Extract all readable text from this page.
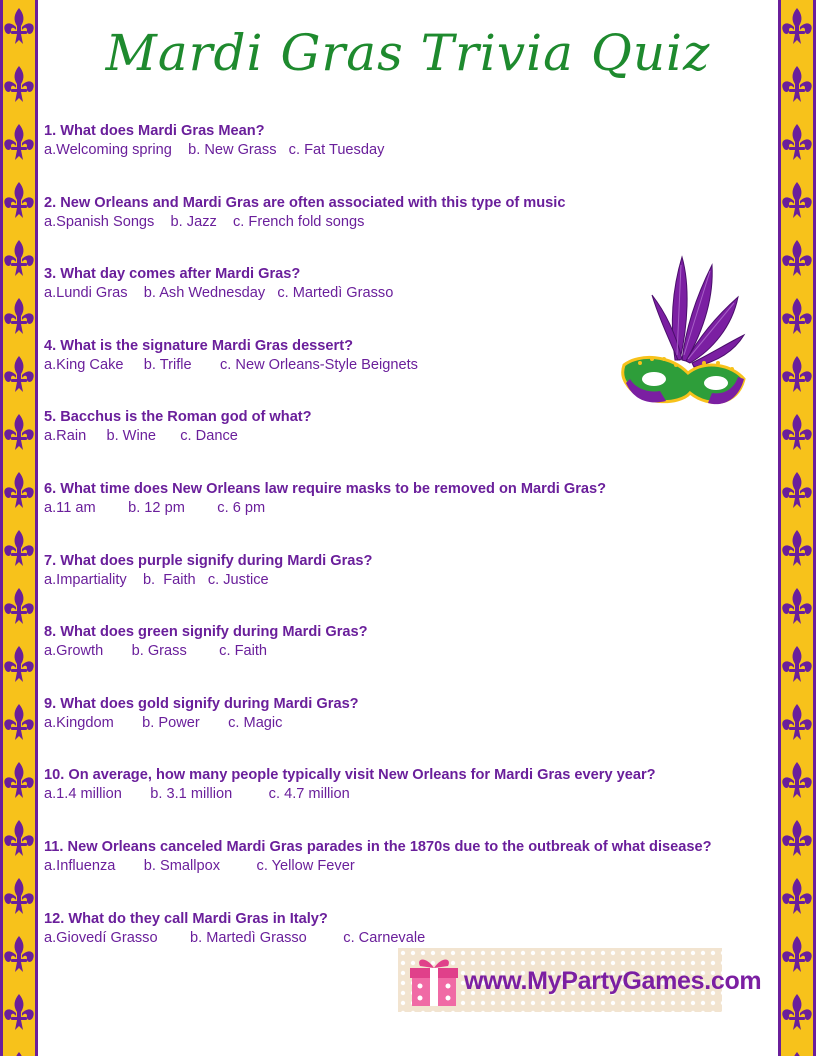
Mardi Gras Trivia Quiz
1. What does Mardi Gras Mean?
a.Welcoming spring    b. New Grass   c. Fat Tuesday
2. New Orleans and Mardi Gras are often associated with this type of music
a.Spanish Songs    b. Jazz    c. French fold songs
3. What day comes after Mardi Gras?
a.Lundi Gras    b. Ash Wednesday   c. Martedì Grasso
4. What is the signature Mardi Gras dessert?
a.King Cake     b. Trifle       c. New Orleans-Style Beignets
5. Bacchus is the Roman god of what?
a.Rain     b. Wine      c. Dance
6. What time does New Orleans law require masks to be removed on Mardi Gras?
a.11 am        b. 12 pm        c. 6 pm
7. What does purple signify during Mardi Gras?
a.Impartiality    b.  Faith   c. Justice
8. What does green signify during Mardi Gras?
a.Growth       b. Grass        c. Faith
9. What does gold signify during Mardi Gras?
a.Kingdom       b. Power       c. Magic
10. On average, how many people typically visit New Orleans for Mardi Gras every year?
a.1.4 million       b. 3.1 million         c. 4.7 million
11. New Orleans canceled Mardi Gras parades in the 1870s due to the outbreak of what disease?
a.Influenza       b. Smallpox         c. Yellow Fever
12. What do they call Mardi Gras in Italy?
a.Giovedí Grasso        b. Martedì Grasso         c. Carnevale
www.MyPartyGames.com
